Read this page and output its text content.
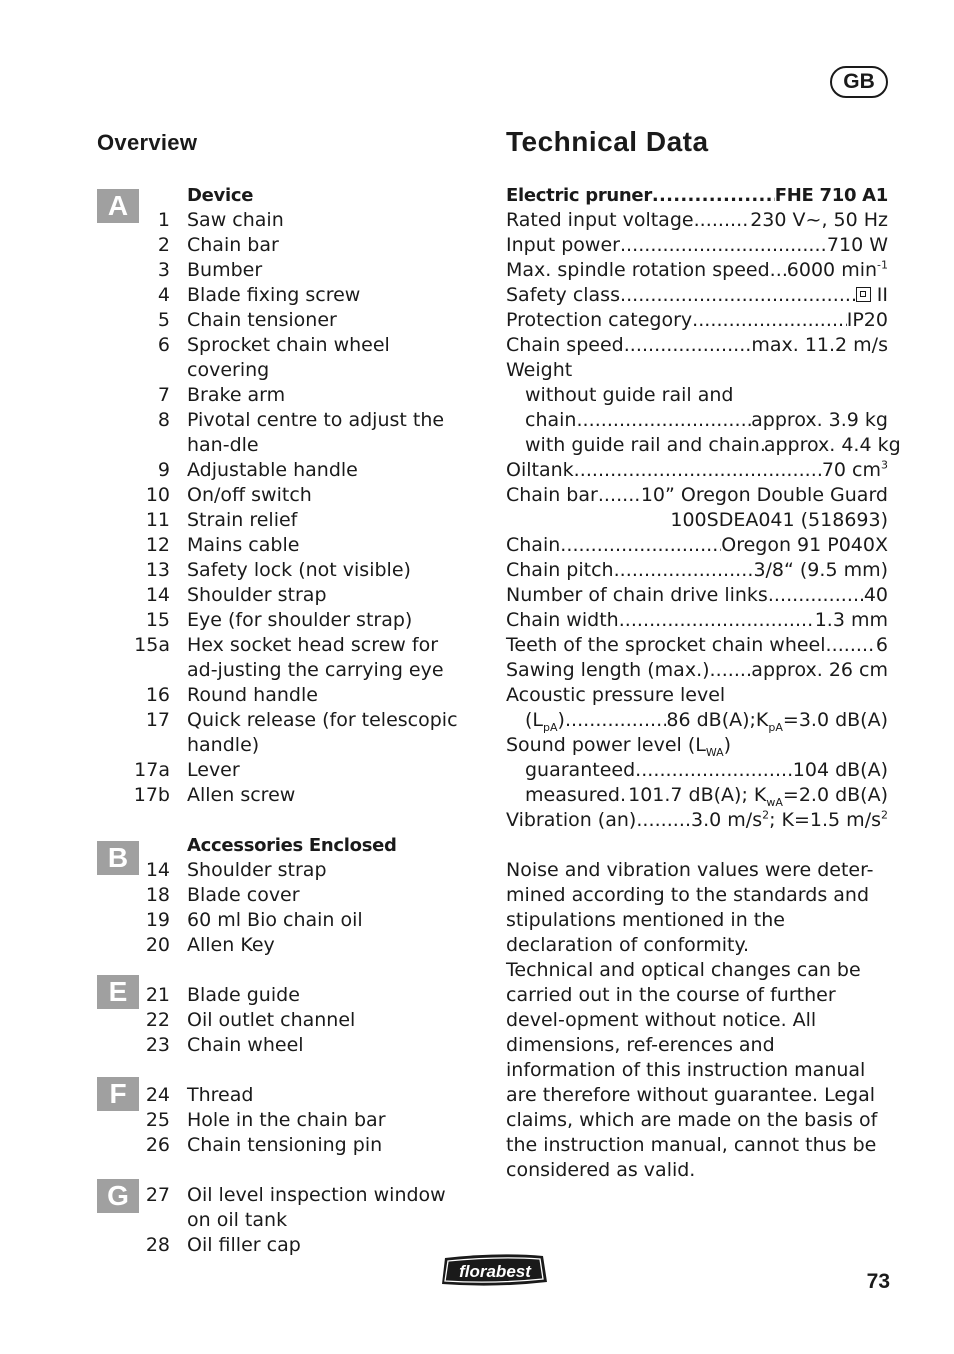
GB
Overview	Technical Data
A	Device
1 Saw chain
2 Chain bar
3 Bumber
4 Blade fixing screw
5 Chain tensioner
6 Sprocket chain wheel covering
7 Brake arm
8 Pivotal centre to adjust the han-dle
9 Adjustable handle
10 On/off switch
11 Strain relief
12 Mains cable
13 Safety lock (not visible)
14 Shoulder strap
15 Eye (for shoulder strap)
15a Hex socket head screw for ad-justing the carrying eye
16 Round handle
17 Quick release (for telescopic handle)
17a Lever
17b Allen screw
B	Accessories Enclosed
14 Shoulder strap
18 Blade cover
19 60 ml Bio chain oil
20 Allen Key
E 21 Blade guide
22 Oil outlet channel
23 Chain wheel
F	24 Thread
25 Hole in the chain bar
26 Chain tensioning pin
G 27 Oil level inspection window on oil tank
28 Oil filler cap
Electric pruner . . .	FHE 710 A1
Rated input voltage . . .	230 V~, 50 Hz
Input power . . .	710 W
Max. spindle rotation speed . . . 6000 $\min^{-1}$
Safety class . . .	II
Protection category . . .	IP20
Chain speed . . .	max. 11.2 m/s
Weight
without guide rail and
chain . . .	approx. 3.9 kg
with guide rail and chain . . . approx. 4.4 kg
Oiltank . . .	70 $cm^3$
Chain bar . . . 10” Oregon Double Guard
100SDEA041 (518693)
Chain . . .	Oregon 91 P040X
Chain pitch . . .	3/8“ (9.5 mm)
Number of chain drive links . . .	40
Chain width . . .	1.3 mm
Teeth of the sprocket chain wheel . . .	6
Sawing length (max.) . . . approx. 26 cm
Acoustic pressure level
$(L_{pA})$ . . .	86 $dB(A);K_{pA}=3.0$ dB(A)
Sound power level $(L_{WA})$
guaranteed . . .	104 dB(A)
measured . . . 101.7 dB(A); $K_{wA}=2.0$ dB(A)
Vibration (an) . . .	3.0 $m/s^2$; K=1.5 $m/s^2$
Noise and vibration values were deter-mined according to the standards and stipulations mentioned in the declaration of conformity.
Technical and optical changes can be carried out in the course of further devel-opment without notice. All dimensions, ref-erences and information of this instruction manual are therefore without guarantee. Legal claims, which are made on the basis of the instruction manual, cannot thus be considered as valid.
florabest	73
